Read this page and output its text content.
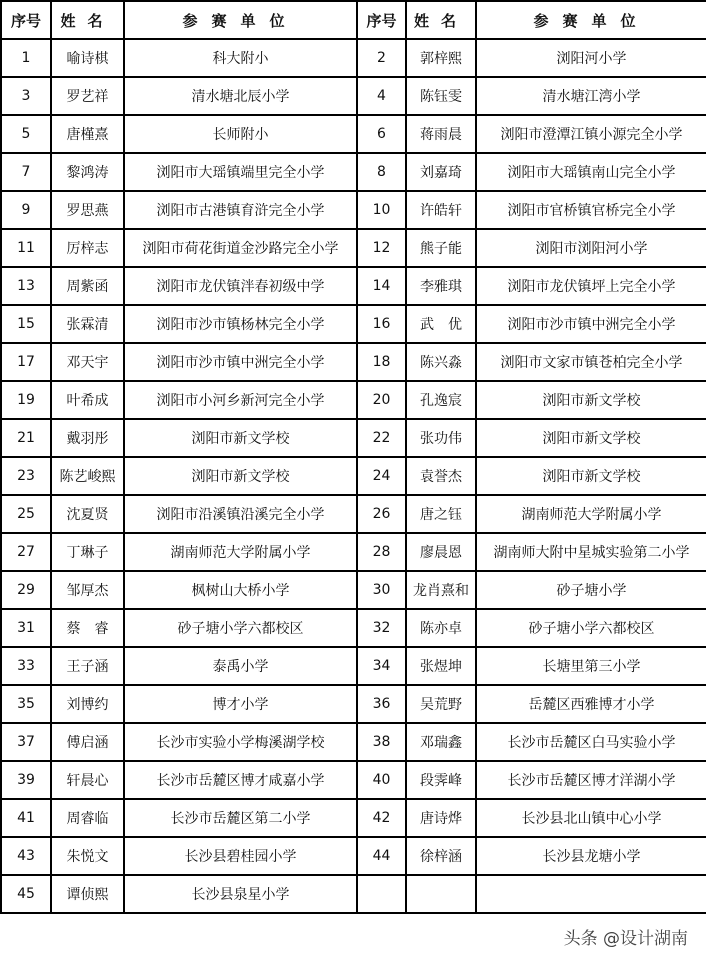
序号	姓名	参赛单位	序号	姓名	参赛单位
1	喻诗棋	科大附小	2	郭梓熙	浏阳河小学
3	罗艺祥	清水塘北辰小学	4	陈钰雯	清水塘江湾小学
5	唐槿熹	长师附小	6	蒋雨晨	浏阳市澄潭江镇小源完全小学
7	黎鸿涛	浏阳市大瑶镇端里完全小学	8	刘嘉琦	浏阳市大瑶镇南山完全小学
9	罗思燕	浏阳市古港镇育浒完全小学	10	许皓轩	浏阳市官桥镇官桥完全小学
11	厉梓志	浏阳市荷花街道金沙路完全小学	12	熊子能	浏阳市浏阳河小学
13	周紫函	浏阳市龙伏镇泮春初级中学	14	李雅琪	浏阳市龙伏镇坪上完全小学
15	张霖清	浏阳市沙市镇杨林完全小学	16	武　优	浏阳市沙市镇中洲完全小学
17	邓天宇	浏阳市沙市镇中洲完全小学	18	陈兴淼	浏阳市文家市镇苍柏完全小学
19	叶希成	浏阳市小河乡新河完全小学	20	孔逸宸	浏阳市新文学校
21	戴羽彤	浏阳市新文学校	22	张功伟	浏阳市新文学校
23	陈艺峻熙	浏阳市新文学校	24	袁誉杰	浏阳市新文学校
25	沈夏贤	浏阳市沿溪镇沿溪完全小学	26	唐之钰	湖南师范大学附属小学
27	丁琳子	湖南师范大学附属小学	28	廖晨恩	湖南师大附中星城实验第二小学
29	邹厚杰	枫树山大桥小学	30	龙肖熹和	砂子塘小学
31	蔡　睿	砂子塘小学六都校区	32	陈亦卓	砂子塘小学六都校区
33	王子涵	泰禹小学	34	张煜坤	长塘里第三小学
35	刘博约	博才小学	36	吴荒野	岳麓区西雅博才小学
37	傅启涵	长沙市实验小学梅溪湖学校	38	邓瑞鑫	长沙市岳麓区白马实验小学
39	轩晨心	长沙市岳麓区博才咸嘉小学	40	段霁峰	长沙市岳麓区博才洋湖小学
41	周睿临	长沙市岳麓区第二小学	42	唐诗烨	长沙县北山镇中心小学
43	朱悦文	长沙县碧桂园小学	44	徐梓涵	长沙县龙塘小学
45	谭侦熙	长沙县泉星小学			
头条 @设计湖南
